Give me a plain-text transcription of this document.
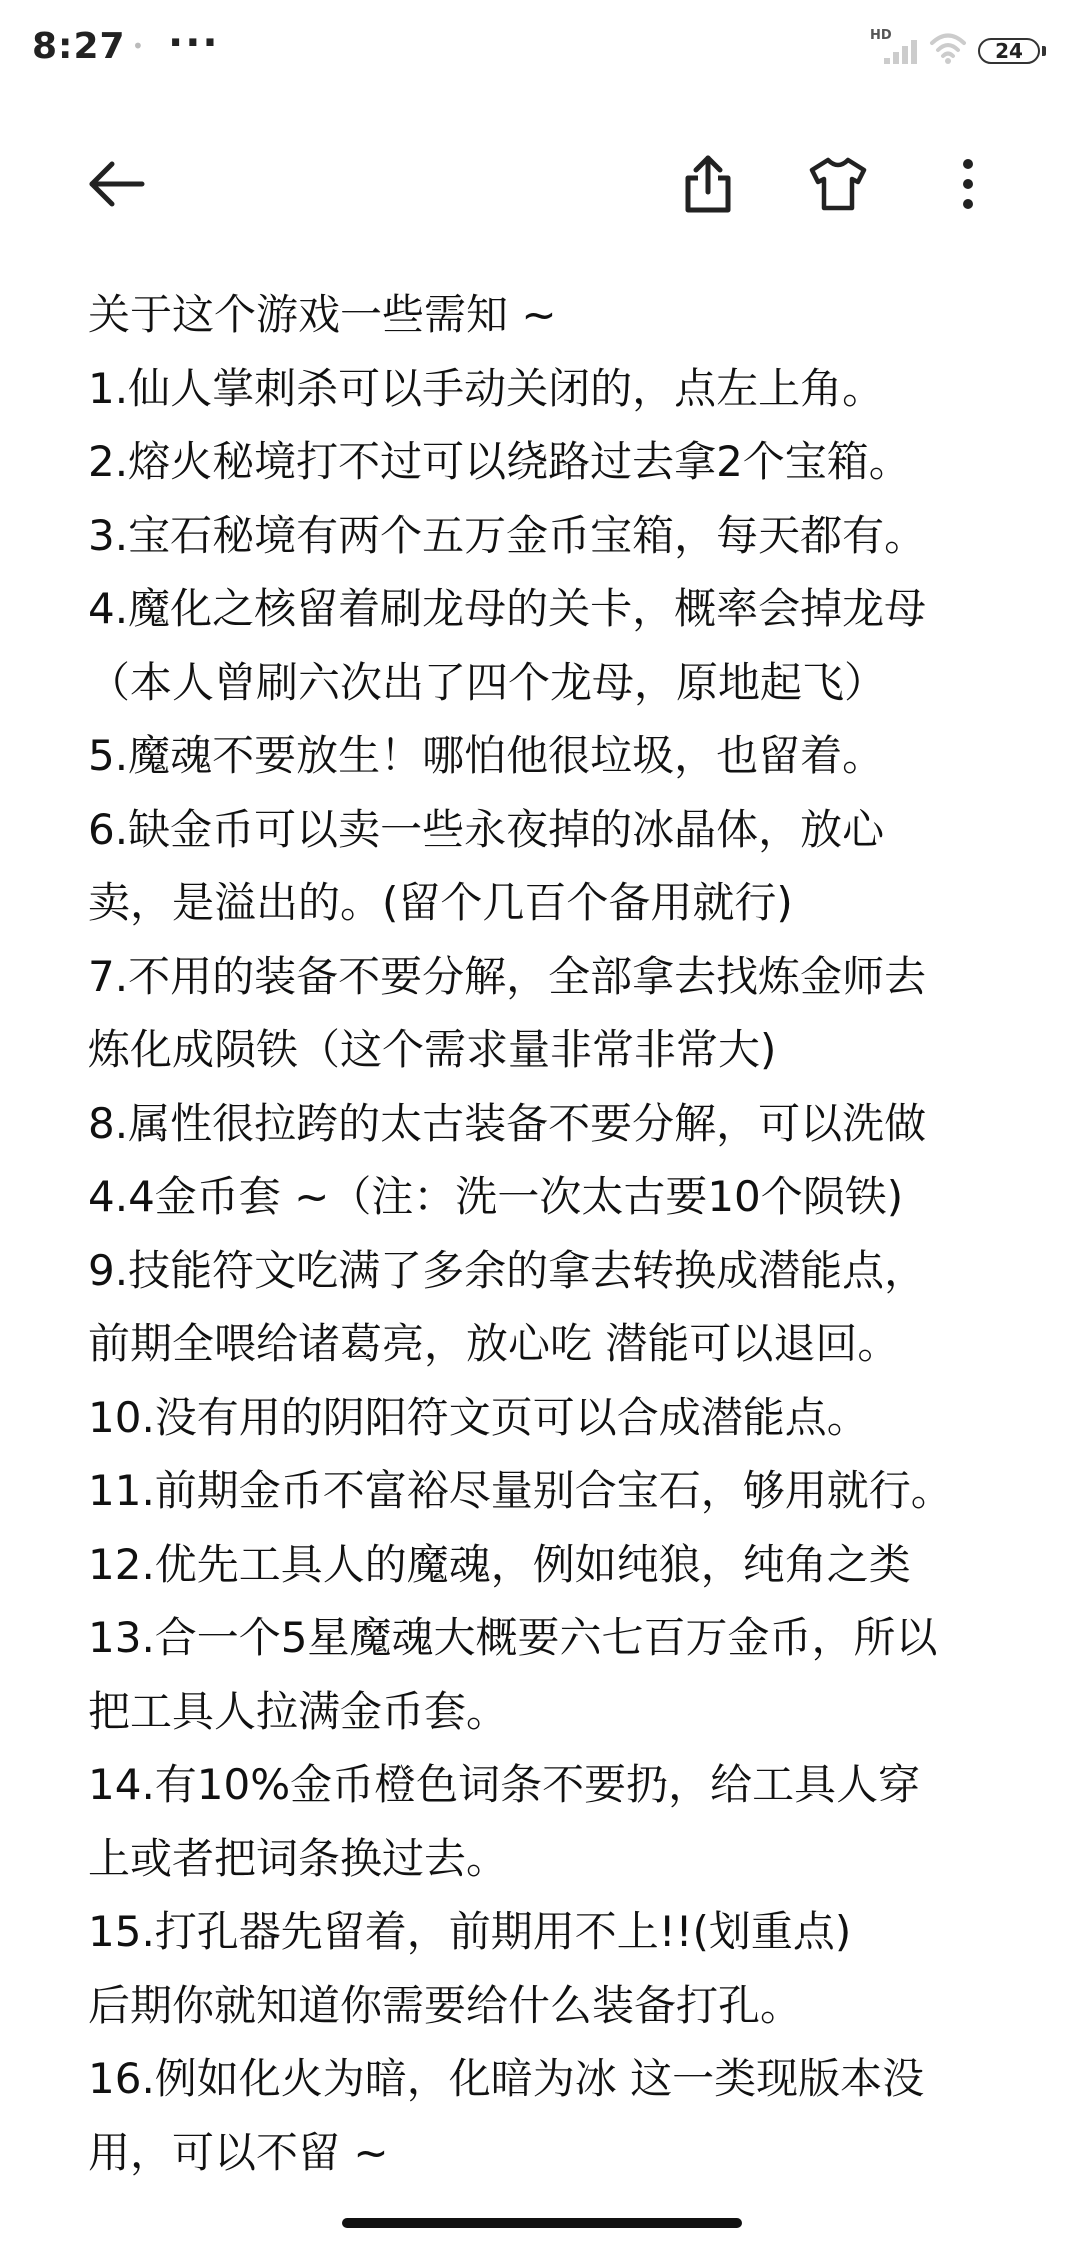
8:27 • ···	HD
24
关于这个游戏一些需知 ~
1.仙人掌刺杀可以手动关闭的，点左上角。
2.熔火秘境打不过可以绕路过去拿2个宝箱。
3.宝石秘境有两个五万金币宝箱，每天都有。
4.魔化之核留着刷龙母的关卡，概率会掉龙母
（本人曾刷六次出了四个龙母，原地起飞）
5.魔魂不要放生！哪怕他很垃圾，也留着。
6.缺金币可以卖一些永夜掉的冰晶体，放心
卖，是溢出的。(留个几百个备用就行)
7.不用的装备不要分解，全部拿去找炼金师去
炼化成陨铁（这个需求量非常非常大)
8.属性很拉跨的太古装备不要分解，可以洗做
4.4金币套 ~（注：洗一次太古要10个陨铁)
9.技能符文吃满了多余的拿去转换成潜能点，
前期全喂给诸葛亮，放心吃 潜能可以退回。
10.没有用的阴阳符文页可以合成潜能点。
11.前期金币不富裕尽量别合宝石，够用就行。
12.优先工具人的魔魂，例如纯狼，纯角之类
13.合一个5星魔魂大概要六七百万金币，所以
把工具人拉满金币套。
14.有10%金币橙色词条不要扔，给工具人穿
上或者把词条换过去。
15.打孔器先留着，前期用不上!!(划重点)
后期你就知道你需要给什么装备打孔。
16.例如化火为暗，化暗为冰 这一类现版本没
用，可以不留 ~
